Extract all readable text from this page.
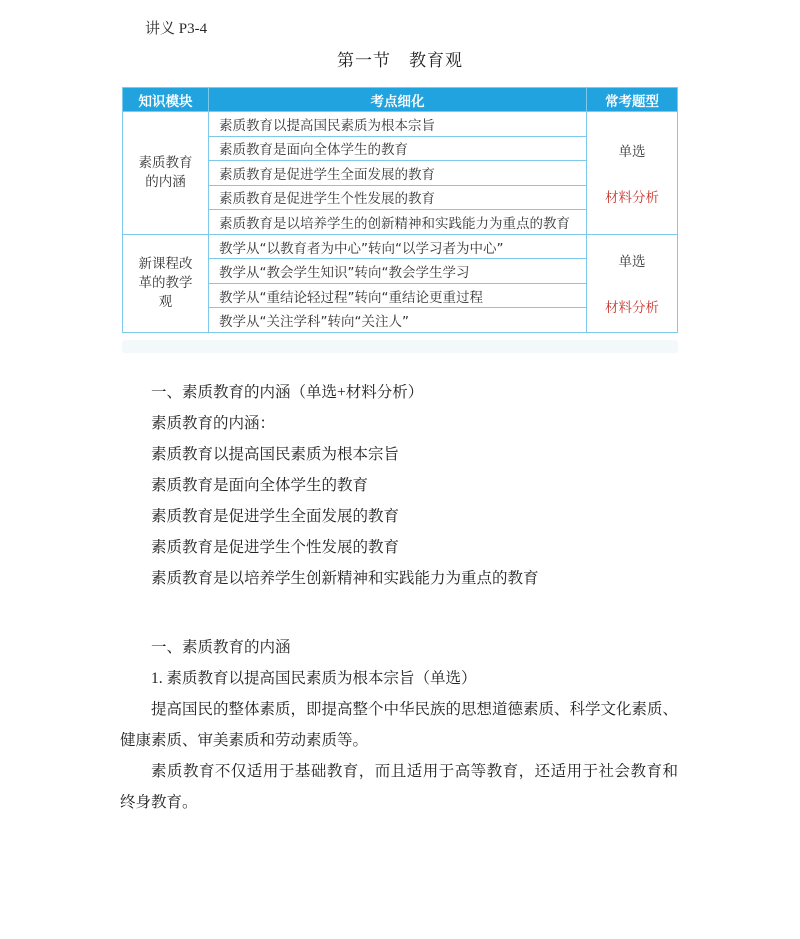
讲义 P3-4
第一节　教育观
知识模块	考点细化	常考题型
素质教育的内涵	素质教育以提高国民素质为根本宗旨	单选
材料分析

	素质教育是面向全体学生的教育	
	素质教育是促进学生全面发展的教育	
	素质教育是促进学生个性发展的教育	
	素质教育是以培养学生的创新精神和实践能力为重点的教育	
新课程改革的教学观	教学从“以教育者为中心”转向“以学习者为中心”	单选
材料分析

	教学从“教会学生知识”转向“教会学生学习	
	教学从“重结论轻过程”转向“重结论更重过程	
	教学从“关注学科”转向“关注人”	
一、素质教育的内涵（单选+材料分析）
素质教育的内涵：
素质教育以提高国民素质为根本宗旨
素质教育是面向全体学生的教育
素质教育是促进学生全面发展的教育
素质教育是促进学生个性发展的教育
素质教育是以培养学生创新精神和实践能力为重点的教育
一、素质教育的内涵
1. 素质教育以提高国民素质为根本宗旨（单选）
提高国民的整体素质，即提高整个中华民族的思想道德素质、科学文化素质、
健康素质、审美素质和劳动素质等。
素质教育不仅适用于基础教育，而且适用于高等教育，还适用于社会教育和
终身教育。
